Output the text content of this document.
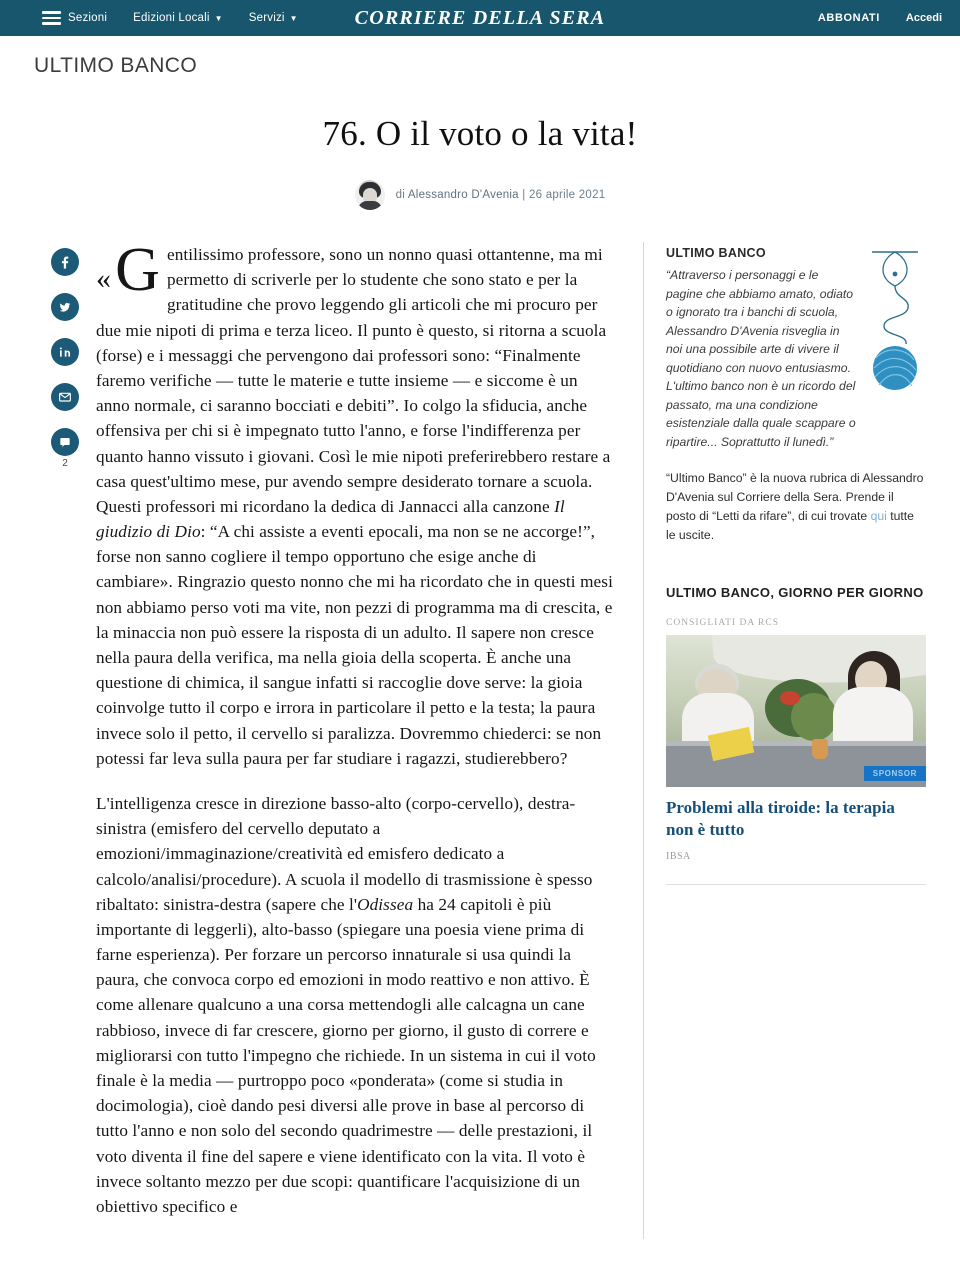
Sezioni Edizioni Locali ▼ Servizi ▼	CORRIERE DELLA SERA	ABBONATI Accedi
ULTIMO BANCO
76. O il voto o la vita!
di Alessandro D'Avenia | 26 aprile 2021
2

« G entilissimo professore, sono un nonno quasi ottantenne, ma mi permetto di scriverle per lo studente che sono stato e per la gratitudine che provo leggendo gli articoli che mi procuro per due mie nipoti di prima e terza liceo. Il punto è questo, si ritorna a scuola (forse) e i messaggi che pervengono dai professori sono: “Finalmente faremo verifiche — tutte le materie e tutte insieme — e siccome è un anno normale, ci saranno bocciati e debiti”. Io colgo la sfiducia, anche offensiva per chi si è impegnato tutto l'anno, e forse l'indifferenza per quanto hanno vissuto i giovani. Così le mie nipoti preferirebbero restare a casa quest'ultimo mese, pur avendo sempre desiderato tornare a scuola. Questi professori mi ricordano la dedica di Jannacci alla canzone Il giudizio di Dio: “A chi assiste a eventi epocali, ma non se ne accorge!”, forse non sanno cogliere il tempo opportuno che esige anche di cambiare». Ringrazio questo nonno che mi ha ricordato che in questi mesi non abbiamo perso voti ma vite, non pezzi di programma ma di crescita, e la minaccia non può essere la risposta di un adulto. Il sapere non cresce nella paura della verifica, ma nella gioia della scoperta. È anche una questione di chimica, il sangue infatti si raccoglie dove serve: la gioia coinvolge tutto il corpo e irrora in particolare il petto e la testa; la paura invece solo il petto, il cervello si paralizza. Dovremmo chiederci: se non potessi far leva sulla paura per far studiare i ragazzi, studierebbero?

L'intelligenza cresce in direzione basso-alto (corpo-cervello), destra-sinistra (emisfero del cervello deputato a emozioni/immaginazione/creatività ed emisfero dedicato a calcolo/analisi/procedure). A scuola il modello di trasmissione è spesso ribaltato: sinistra-destra (sapere che l'Odissea ha 24 capitoli è più importante di leggerli), alto-basso (spiegare una poesia viene prima di farne esperienza). Per forzare un percorso innaturale si usa quindi la paura, che convoca corpo ed emozioni in modo reattivo e non attivo. È come allenare qualcuno a una corsa mettendogli alle calcagna un cane rabbioso, invece di far crescere, giorno per giorno, il gusto di correre e migliorarsi con tutto l'impegno che richiede. In un sistema in cui il voto finale è la media — purtroppo poco «ponderata» (come si studia in docimologia), cioè dando pesi diversi alle prove in base al percorso di tutto l'anno e non solo del secondo quadrimestre — delle prestazioni, il voto diventa il fine del sapere e viene identificato con la vita. Il voto è invece soltanto mezzo per due scopi: quantificare l'acquisizione di un obiettivo specifico e

ULTIMO BANCO

“Attraverso i personaggi e le pagine che abbiamo amato, odiato o ignorato tra i banchi di scuola, Alessandro D'Avenia risveglia in noi una possibile arte di vivere il quotidiano con nuovo entusiasmo. L'ultimo banco non è un ricordo del passato, ma una condizione esistenziale dalla quale scappare o ripartire... Soprattutto il lunedì.”

“Ultimo Banco” è la nuova rubrica di Alessandro D'Avenia sul Corriere della Sera. Prende il posto di “Letti da rifare”, di cui trovate qui tutte le uscite.

ULTIMO BANCO, GIORNO PER GIORNO
CONSIGLIATI DA RCS
SPONSOR
Problemi alla tiroide: la terapia non è tutto
IBSA
